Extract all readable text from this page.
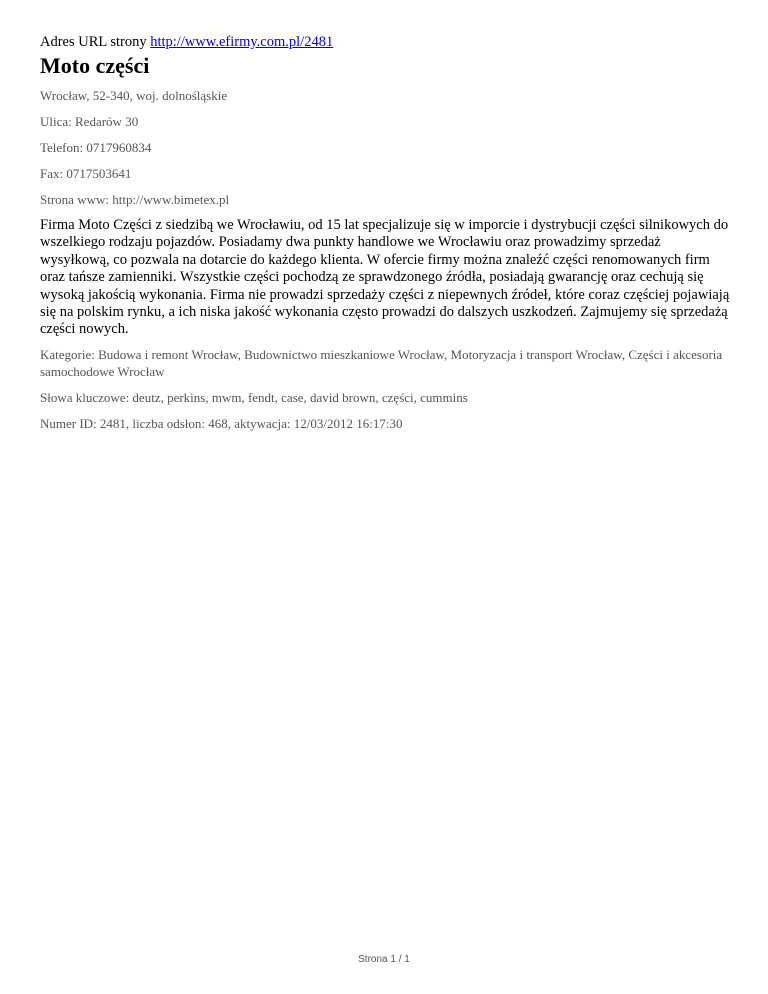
Adres URL strony http://www.efirmy.com.pl/2481

Moto części

Wrocław, 52-340, woj. dolnośląskie

Ulica: Redarów 30

Telefon: 0717960834

Fax: 0717503641

Strona www: http://www.bimetex.pl

Firma Moto Części z siedzibą we Wrocławiu, od 15 lat specjalizuje się w imporcie i dystrybucji części silnikowych do wszelkiego rodzaju pojazdów. Posiadamy dwa punkty handlowe we Wrocławiu oraz prowadzimy sprzedaż wysyłkową, co pozwala na dotarcie do każdego klienta. W ofercie firmy można znaleźć części renomowanych firm oraz tańsze zamienniki. Wszystkie części pochodzą ze sprawdzonego źródła, posiadają gwarancję oraz cechują się wysoką jakością wykonania. Firma nie prowadzi sprzedaży części z niepewnych źródeł, które coraz częściej pojawiają się na polskim rynku, a ich niska jakość wykonania często prowadzi do dalszych uszkodzeń. Zajmujemy się sprzedażą części nowych.

Kategorie: Budowa i remont Wrocław, Budownictwo mieszkaniowe Wrocław, Motoryzacja i transport Wrocław, Części i akcesoria samochodowe Wrocław

Słowa kluczowe: deutz, perkins, mwm, fendt, case, david brown, części, cummins

Numer ID: 2481, liczba odsłon: 468, aktywacja: 12/03/2012 16:17:30

Strona 1 / 1
